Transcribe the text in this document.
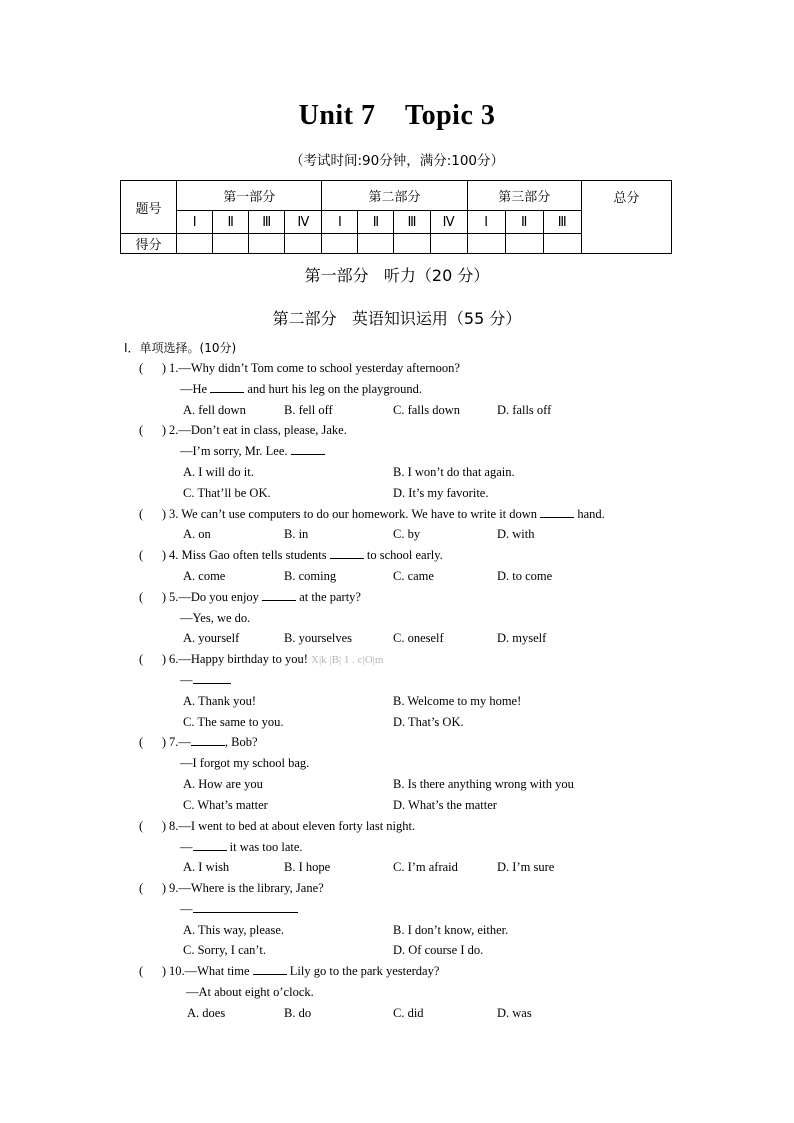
Unit 7    Topic 3
（考试时间:90分钟，满分:100分）
题号	第一部分				第二部分				第三部分			总分
	Ⅰ	Ⅱ	Ⅲ	Ⅳ	Ⅰ	Ⅱ	Ⅲ	Ⅳ	Ⅰ	Ⅱ	Ⅲ	
得分												
第一部分   听力（20 分）
第二部分   英语知识运用（55 分）
Ⅰ．单项选择。(10分)
(      ) 1.—Why didn’t Tom come to school yesterday afternoon?
—He	and hurt his leg on the playground.
A. fell down	B. fell off	C. falls down	D. falls off
(      ) 2.—Don’t eat in class, please, Jake.
—I’m sorry, Mr. Lee.
A. I will do it.	B. I won’t do that again.
C. That’ll be OK.	D. It’s my favorite.
(      ) 3. We can’t use computers to do our homework. We have to write it down	hand.
A. on	B. in	C. by	D. with
(      ) 4. Miss Gao often tells students	to school early.
A. come	B. coming	C. came	D. to come
(      ) 5.—Do you enjoy	at the party?
—Yes, we do.
A. yourself	B. yourselves	C. oneself	D. myself
(      ) 6.—Happy birthday to you! X|k |B| 1 . c|O|m
—
A. Thank you!	B. Welcome to my home!
C. The same to you.	D. That’s OK.
(      ) 7.—	, Bob?
—I forgot my school bag.
A. How are you	B. Is there anything wrong with you
C. What’s matter	D. What’s the matter
(      ) 8.—I went to bed at about eleven forty last night.
—	it was too late.
A. I wish	B. I hope	C. I’m afraid	D. I’m sure
(      ) 9.—Where is the library, Jane?
—
A. This way, please.	B. I don’t know, either.
C. Sorry, I can’t.	D. Of course I do.
(      ) 10.—What time	Lily go to the park yesterday?
—At about eight o’clock.
A. does	B. do	C. did	D. was
